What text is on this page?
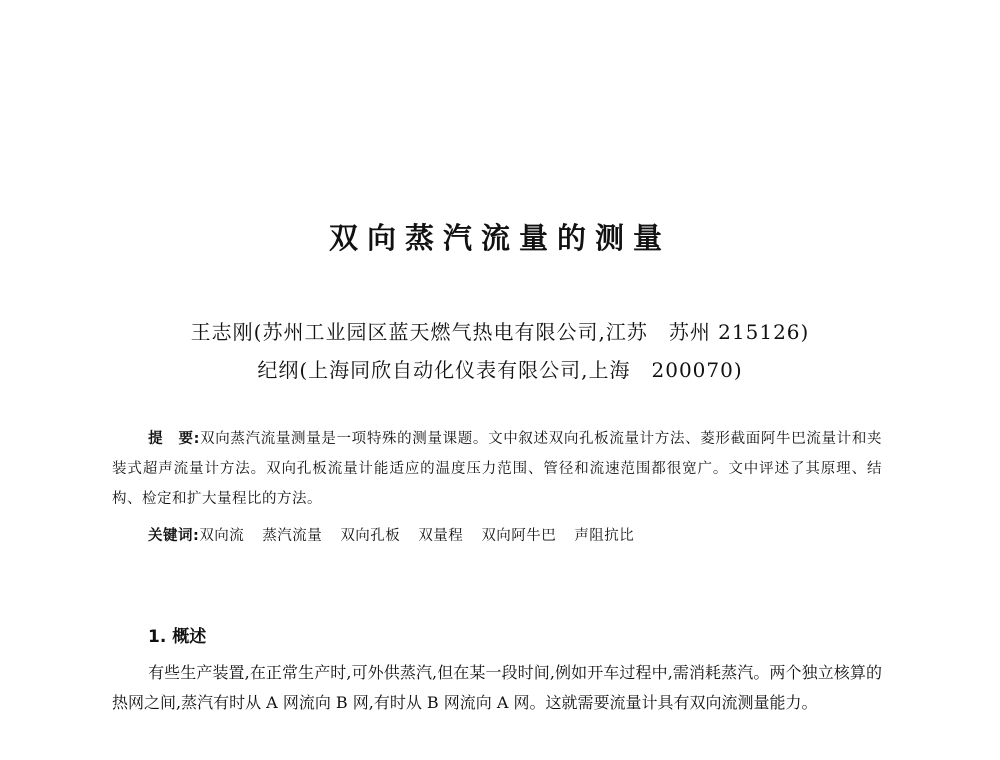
双向蒸汽流量的测量
王志刚(苏州工业园区蓝天燃气热电有限公司,江苏　苏州 215126)
纪纲(上海同欣自动化仪表有限公司,上海　200070)
提　要:双向蒸汽流量测量是一项特殊的测量课题。文中叙述双向孔板流量计方法、菱形截面阿牛巴流量计和夹装式超声流量计方法。双向孔板流量计能适应的温度压力范围、管径和流速范围都很宽广。文中评述了其原理、结构、检定和扩大量程比的方法。
关键词:双向流 蒸汽流量 双向孔板 双量程 双向阿牛巴 声阻抗比
1. 概述
有些生产装置,在正常生产时,可外供蒸汽,但在某一段时间,例如开车过程中,需消耗蒸汽。两个独立核算的热网之间,蒸汽有时从 A 网流向 B 网,有时从 B 网流向 A 网。这就需要流量计具有双向流测量能力。
